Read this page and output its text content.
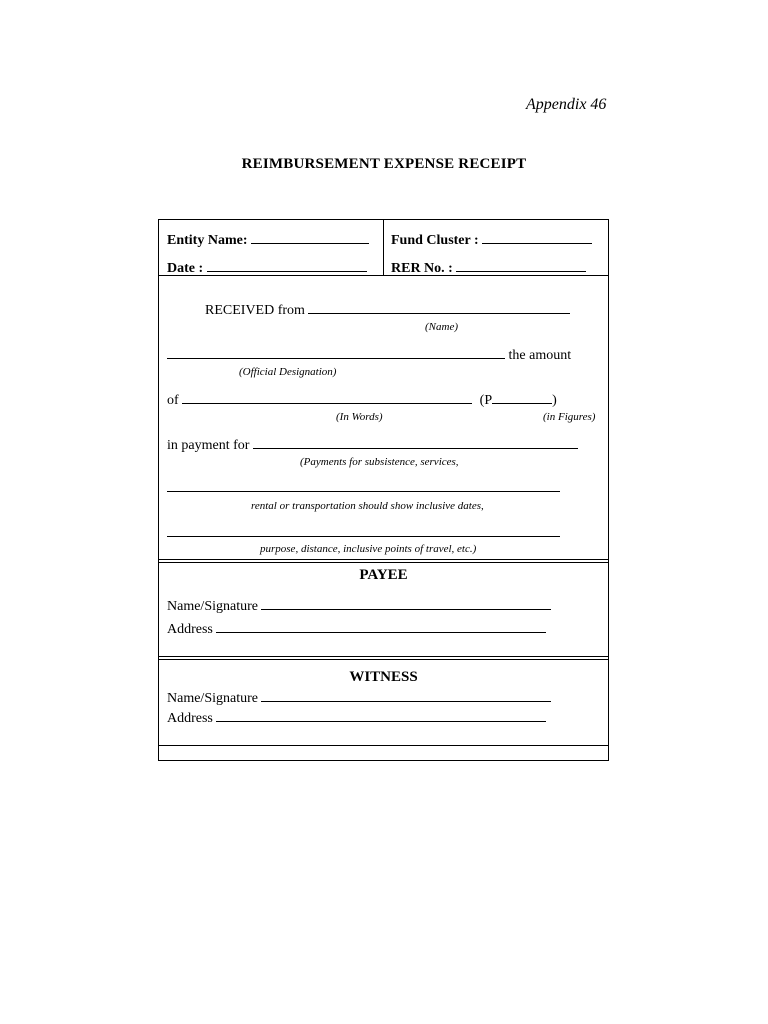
Appendix 46
REIMBURSEMENT EXPENSE RECEIPT
Entity Name:	Fund Cluster :
Date :	RER No. :
RECEIVED from
(Name)
the amount
(Official Designation)
of	(P	)
(In Words)	(in Figures)
in payment for
(Payments for subsistence, services,
rental or transportation should show inclusive dates,
purpose, distance, inclusive points of travel, etc.)
PAYEE
Name/Signature
Address
WITNESS
Name/Signature
Address
